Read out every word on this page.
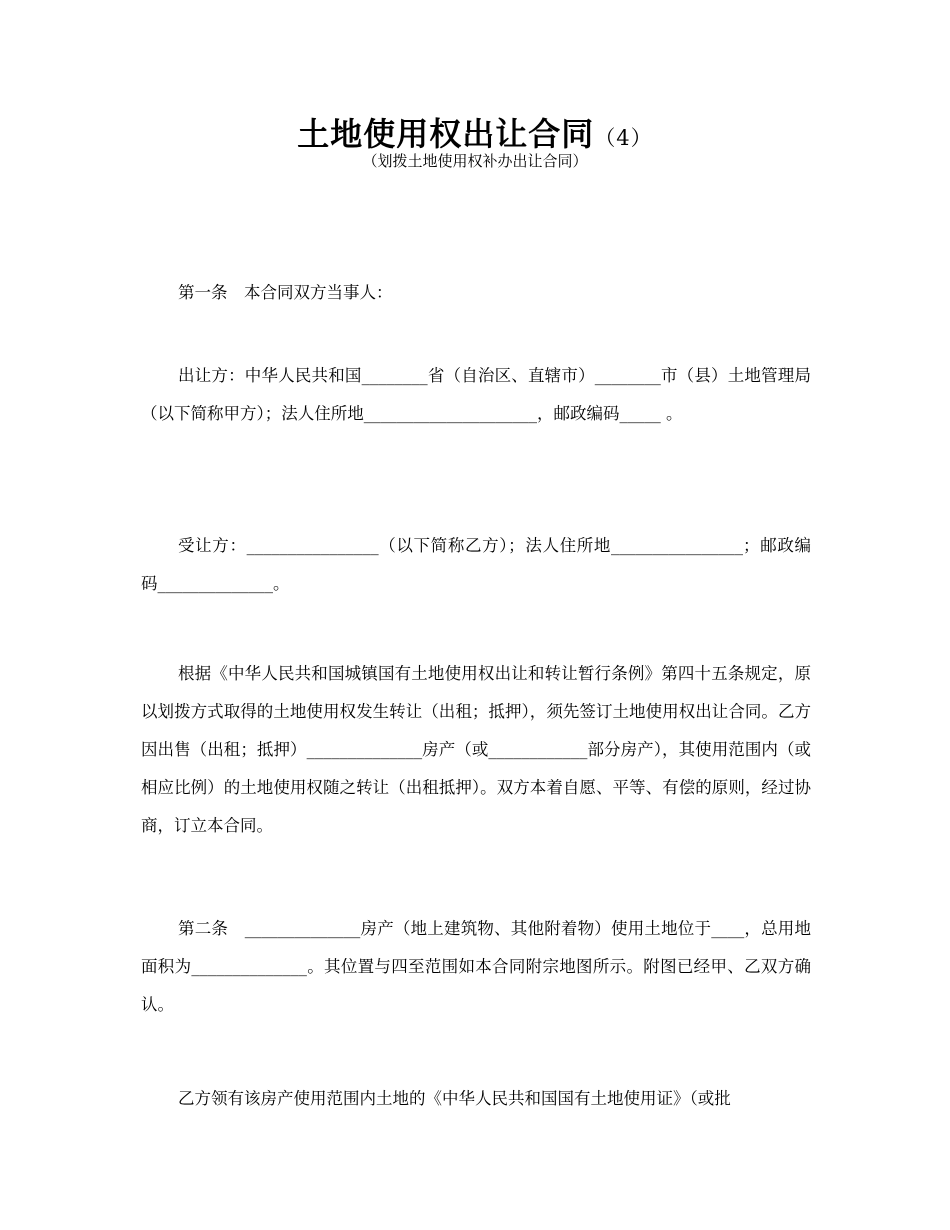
土地使用权出让合同（4）

（划拨土地使用权补办出让合同）

第一条　本合同双方当事人：

出让方：中华人民共和国________省（自治区、直辖市）________市（县）土地管理局（以下简称甲方）；法人住所地_____________________，邮政编码_____ 。

受让方：________________（以下简称乙方）；法人住所地________________；邮政编码______________。

根据《中华人民共和国城镇国有土地使用权出让和转让暂行条例》第四十五条规定，原以划拨方式取得的土地使用权发生转让（出租；抵押），须先签订土地使用权出让合同。乙方因出售（出租；抵押）______________房产（或____________部分房产），其使用范围内（或相应比例）的土地使用权随之转让（出租抵押）。双方本着自愿、平等、有偿的原则，经过协商，订立本合同。

第二条　______________房产（地上建筑物、其他附着物）使用土地位于____，总用地面积为______________。其位置与四至范围如本合同附宗地图所示。附图已经甲、乙双方确认。

乙方领有该房产使用范围内土地的《中华人民共和国国有土地使用证》（或批
